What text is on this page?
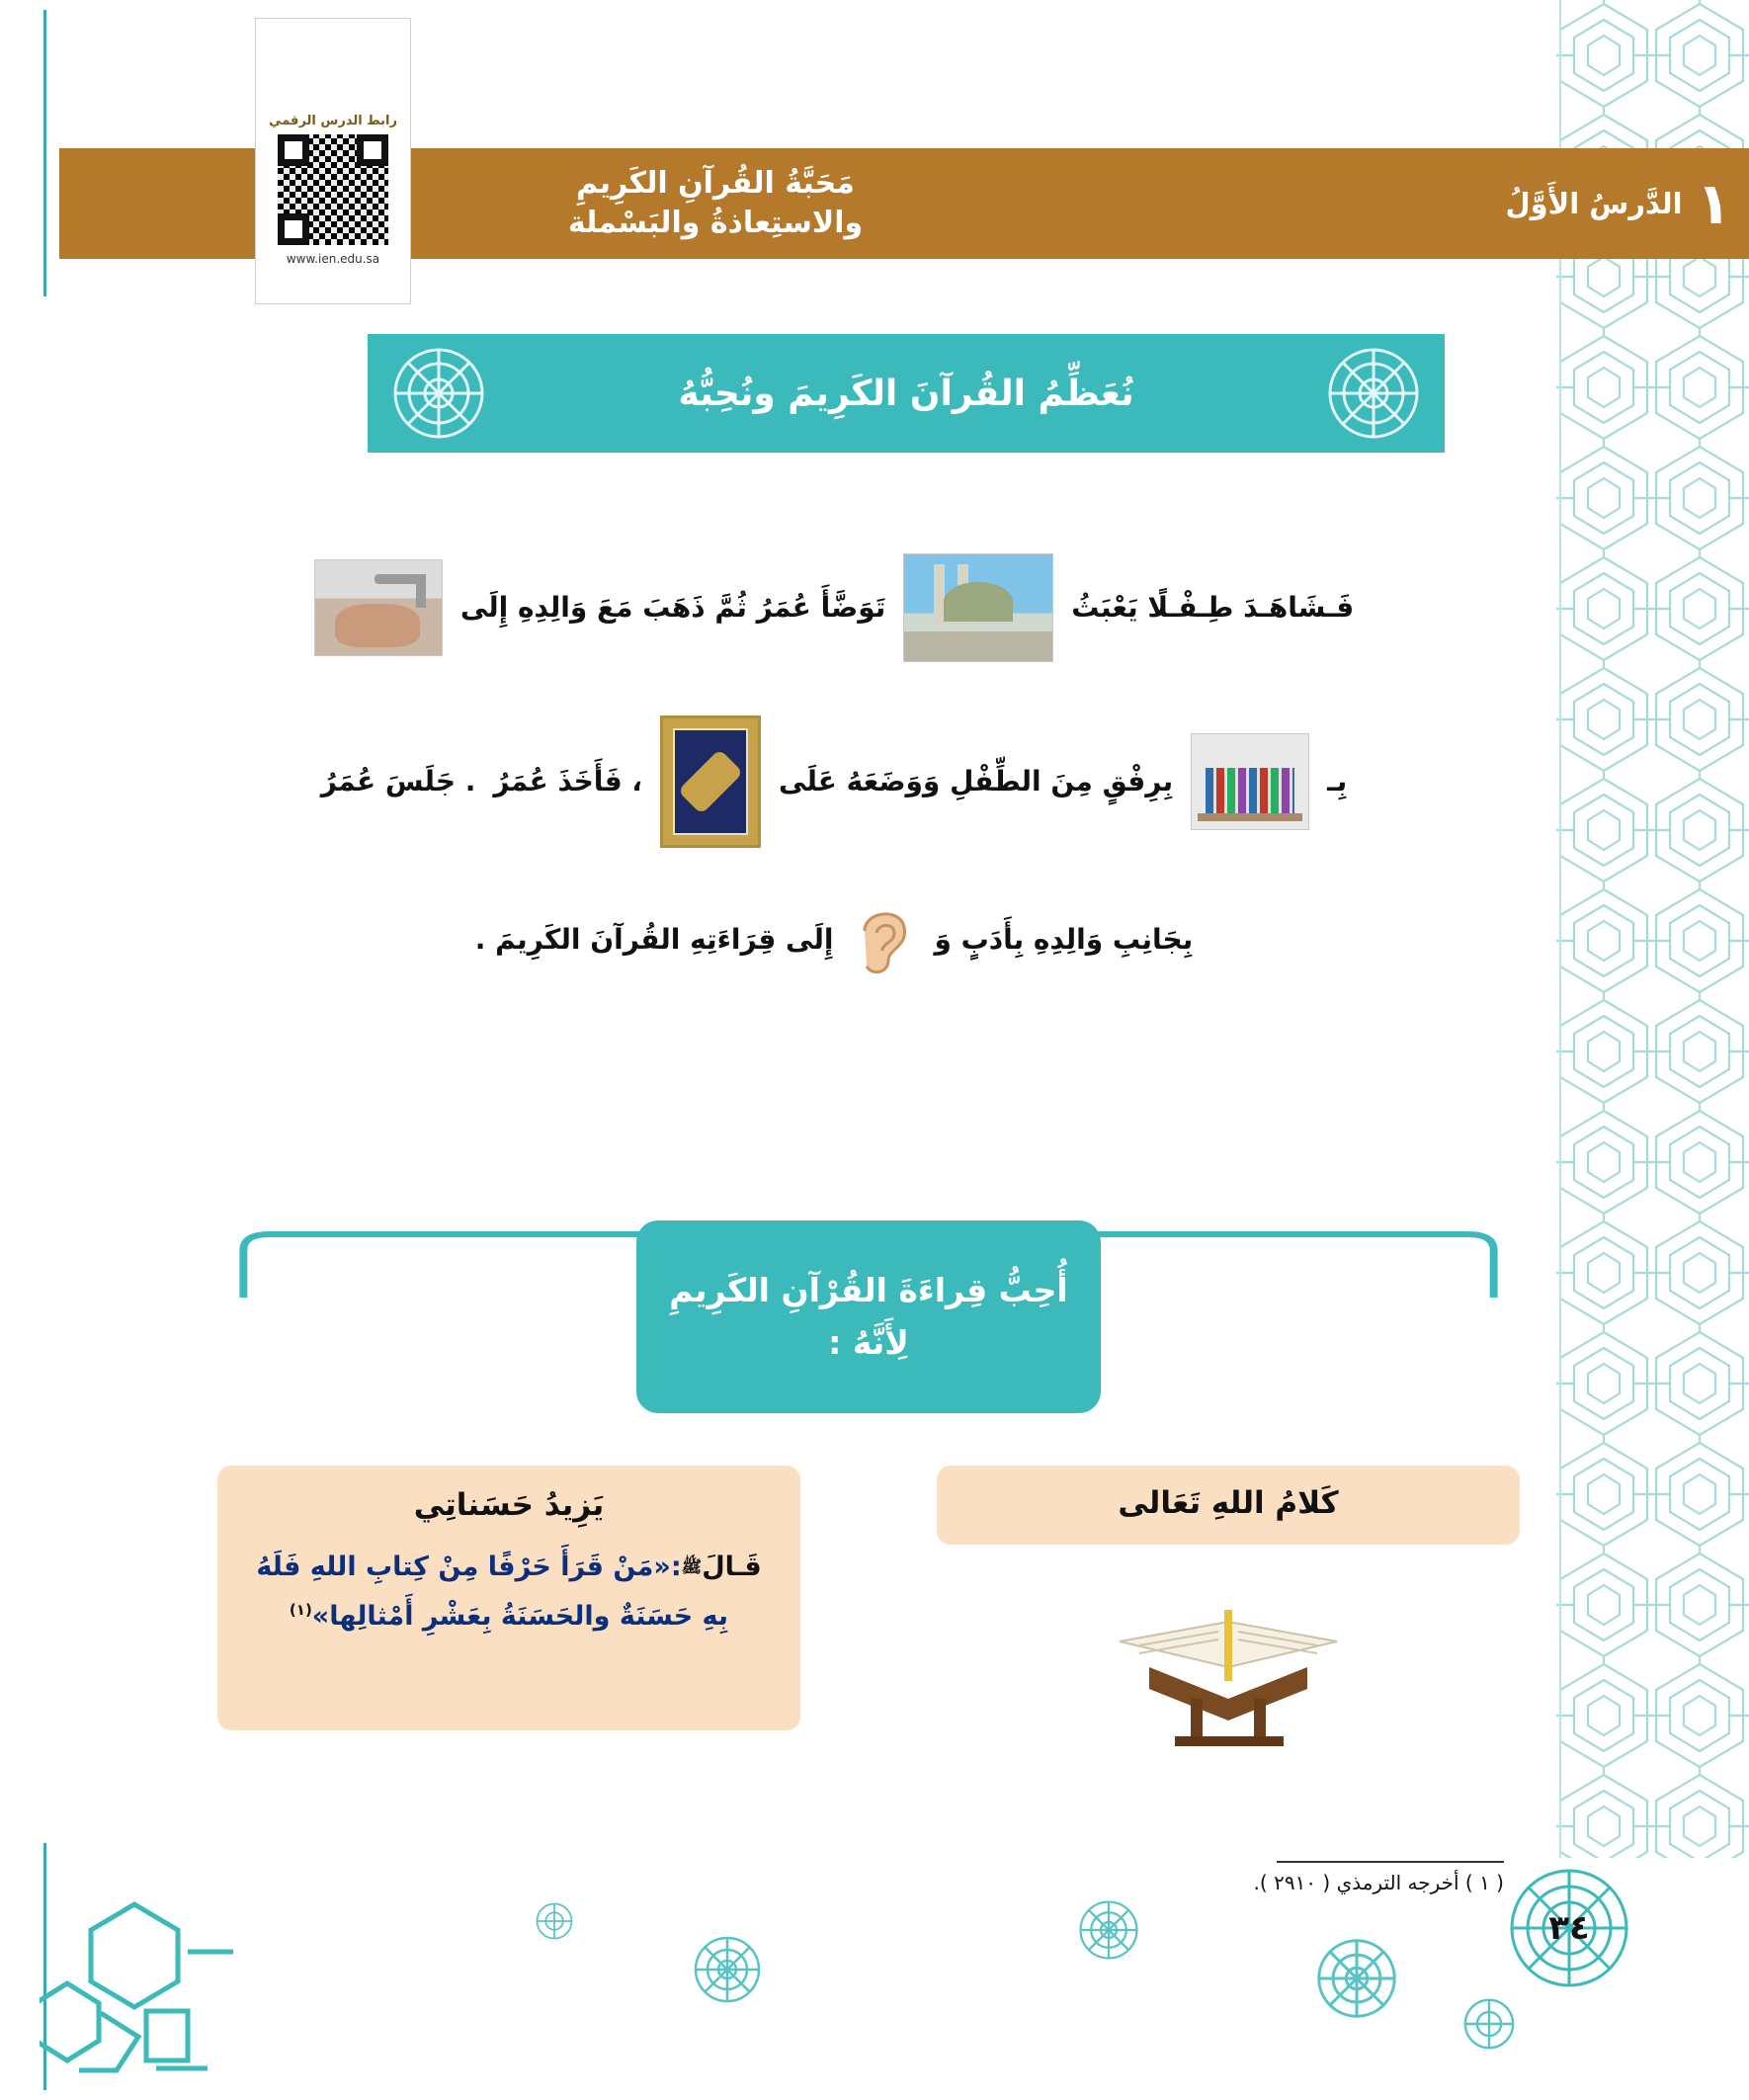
مَحَبَّةُ القُرآنِ الكَرِيمِ
والاستِعاذةُ والبَسْملة	١
الدَّرسُ الأَوَّلُ
رابط الدرس الرقمي
www.ien.edu.sa
نُعَظِّمُ القُرآنَ الكَرِيمَ ونُحِبُّهُ
فَـشَاهَـدَ طِـفْـلًا يَعْبَثُ
تَوَضَّأَ عُمَرُ ثُمَّ ذَهَبَ مَعَ وَالِدِهِ إِلَى
بِـ
بِرِفْقٍ مِنَ الطِّفْلِ وَوَضَعَهُ عَلَى
، فَأَخَذَ عُمَرُ
. جَلَسَ عُمَرُ
بِجَانِبِ وَالِدِهِ بِأَدَبٍ وَ
إِلَى قِرَاءَتِهِ القُرآنَ الكَرِيمَ .
أُحِبُّ قِراءَةَ القُرْآنِ الكَرِيمِ لِأَنَّهُ :
كَلامُ اللهِ تَعَالى
يَزِيدُ حَسَناتِي
قَـالَﷺ:«مَنْ قَرَأَ حَرْفًا مِنْ كِتابِ اللهِ فَلَهُ بِهِ حَسَنَةٌ والحَسَنَةُ بِعَشْرِ أَمْثالِها»$^{(١)}$
( ١ ) أخرجه الترمذي ( ٢٩١٠ ).
٣٤
